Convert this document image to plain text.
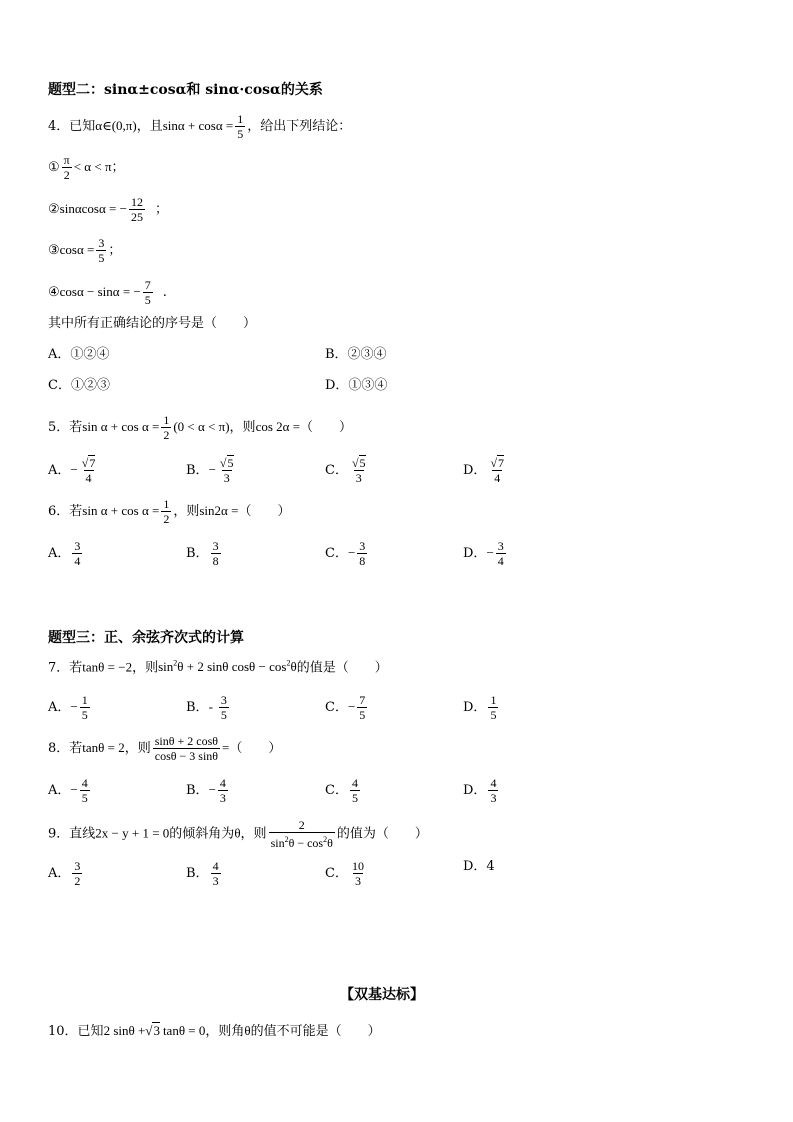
题型二：sinα±cosα和 sinα·cosα的关系
4．已知α∈(0,π)，且$\sin\alpha + \cos\alpha = \frac{1}{5}$ ，给出下列结论：
① $\frac{\pi}{2} < \alpha < \pi$；
②sinαcosα = − $\frac{12}{25}$ ；
③cosα = $\frac{3}{5}$ ；
④cosα − sinα = − $\frac{7}{5}$ .
其中所有正确结论的序号是（　　）
A．①②④	B．②③④
C．①②③	D．①③④
5．若$\sin \alpha + \cos \alpha = \frac{1}{2} (0 < \alpha < \pi)$，则cos 2α =（　　）
A．− $\frac{√7}{4}$	B．− $\frac{√5}{3}$	C． $\frac{√5}{3}$	D． $\frac{√7}{4}$
6．若$\sin \alpha + \cos \alpha = \frac{1}{2}$ ，则sin2α =（　　）
A． $\frac{3}{4}$	B． $\frac{3}{8}$	C．− $\frac{3}{8}$	D．− $\frac{3}{4}$
题型三：正、余弦齐次式的计算
7．若tanθ = −2，则$\sin^2\theta + 2$ sinθ $\cos\theta - \cos^2\theta$的值是（　　）
A．− $\frac{1}{5}$	B．- $\frac{3}{5}$	C．− $\frac{7}{5}$	D． $\frac{1}{5}$
8．若tanθ = 2，则 $\frac{\sin\theta + 2 \cos\theta}{\cos\theta - 3 \sin\theta}$ =（　　）
A．− $\frac{4}{5}$	B．− $\frac{4}{3}$	C． $\frac{4}{5}$	D． $\frac{4}{3}$
9．直线2x − y + 1 = 0的倾斜角为θ，则 $\frac{2}{\sin^2\theta - \cos^2\theta}$ 的值为（　　）
A． $\frac{3}{2}$	B． $\frac{4}{3}$	C． $\frac{10}{3}$	D．4
【双基达标】
10．已知2 sinθ +√3 tanθ = 0，则角θ的值不可能是（　　）
